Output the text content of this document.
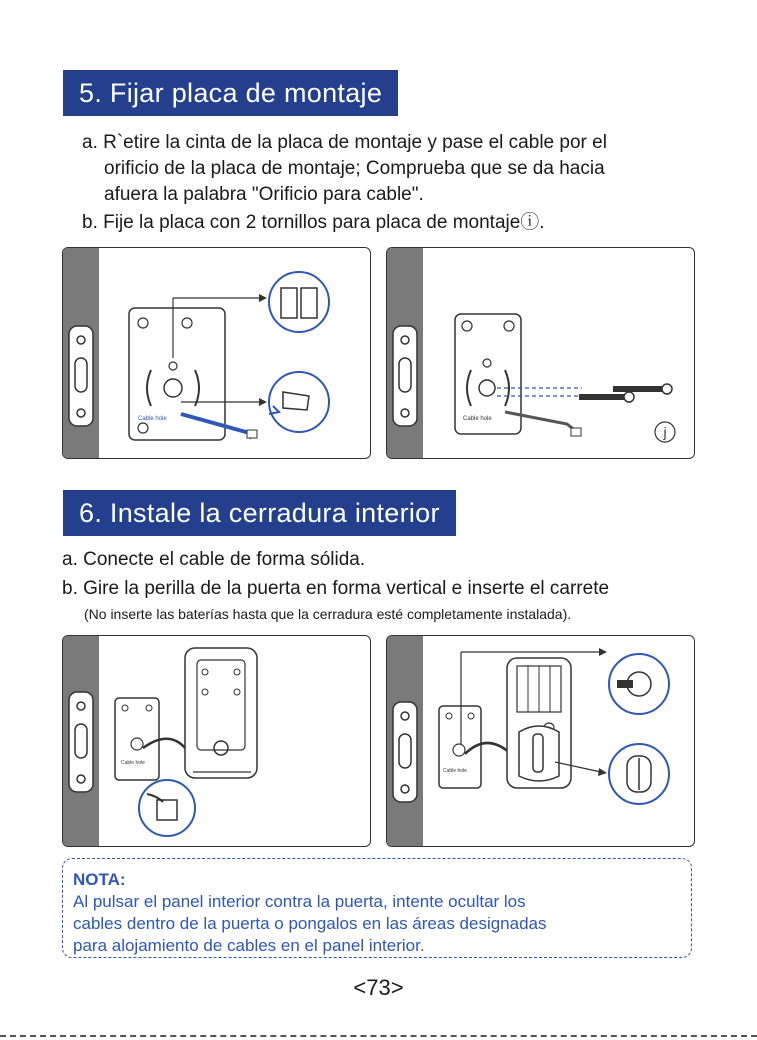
5. Fijar placa de montaje
a. R`etire la cinta de la placa de montaje y pase el cable por el
orificio de la placa de montaje; Comprueba que se da hacia
afuera la palabra "Orificio para cable".
b. Fije la placa con 2 tornillos para placa de montajeⓘ.
Cable hole	Cable hole
j
6. Instale la cerradura interior
a. Conecte el cable de forma sólida.
b. Gire la perilla de la puerta en forma vertical e inserte el carrete
(No inserte las baterías hasta que la cerradura esté completamente instalada).
Cable hole
Cable hole
NOTA:
Al pulsar el panel interior contra la puerta, intente ocultar los
cables dentro de la puerta o pongalos en las áreas designadas
para alojamiento de cables en el panel interior.
<73>
